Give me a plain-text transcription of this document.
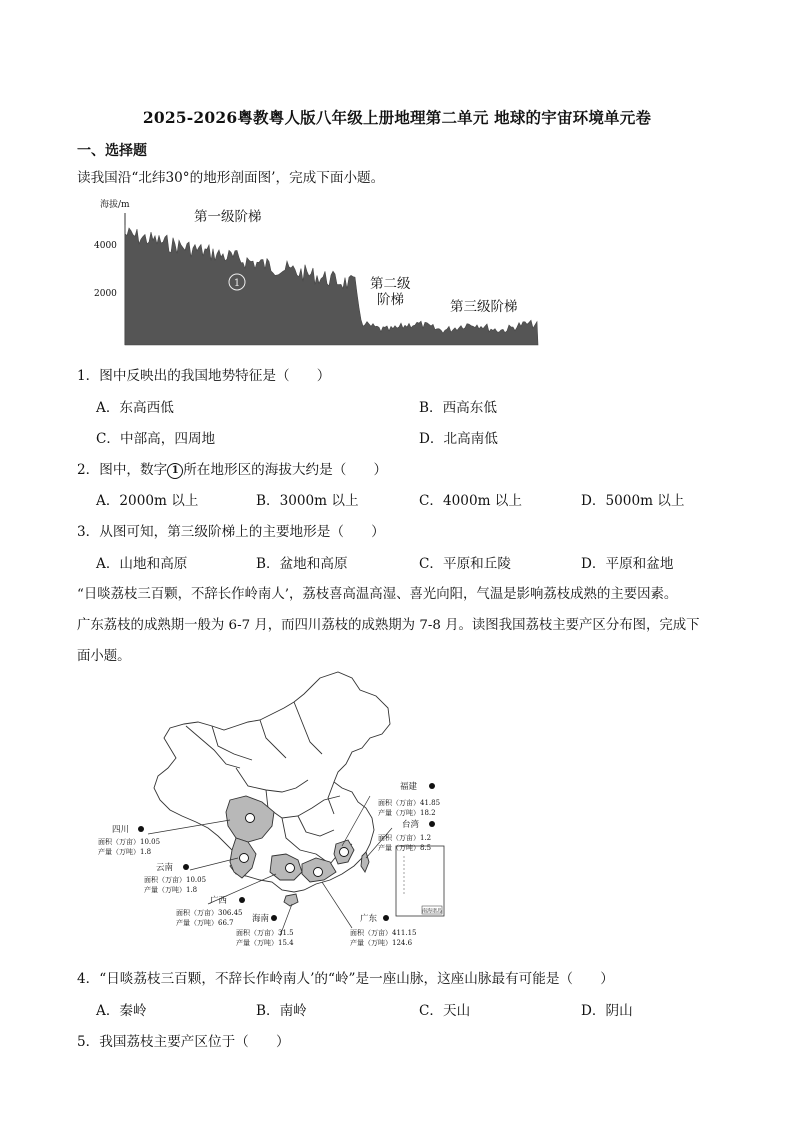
2025-2026粤教粤人版八年级上册地理第二单元 地球的宇宙环境单元卷
一、选择题
读我国沿“北纬30°的地形剖面图’，完成下面小题。
海拔/m
4000
2000
第一级阶梯
第二级
阶梯	第三级阶梯
1
1．图中反映出的我国地势特征是（　　）
A．东高西低	B．西高东低
C．中部高，四周地	D．北高南低
2．图中，数字 1 所在地形区的海拔大约是（　　）
A．2000m 以上	B．3000m 以上	C．4000m 以上	D．5000m 以上
3．从图可知，第三级阶梯上的主要地形是（　　）
A．山地和高原	B．盆地和高原	C．平原和丘陵	D．平原和盆地
“日啖荔枝三百颗，不辞长作岭南人’，荔枝喜高温高湿、喜光向阳，气温是影响荔枝成熟的主要因素。
广东荔枝的成熟期一般为 6-7 月，而四川荔枝的成熟期为 7-8 月。读图我国荔枝主要产区分布图，完成下
面小题。
南海诸岛
四川
面积（万亩）10.05
产量（万吨）1.8
云南
面积（万亩）10.05
产量（万吨）1.8
广西
面积（万亩）306.45
产量（万吨）66.7 海南
面积（万亩）31.5
产量（万吨）15.4
广东
面积（万亩）411.15
产量（万吨）124.6
福建
面积（万亩）41.85
产量（万吨）18.2
台湾
面积（万亩）1.2
产量（万吨）8.5
4．“日啖荔枝三百颗，不辞长作岭南人’的“岭”是一座山脉，这座山脉最有可能是（　　）
A．秦岭	B．南岭	C．天山	D．阴山
5．我国荔枝主要产区位于（　　）
